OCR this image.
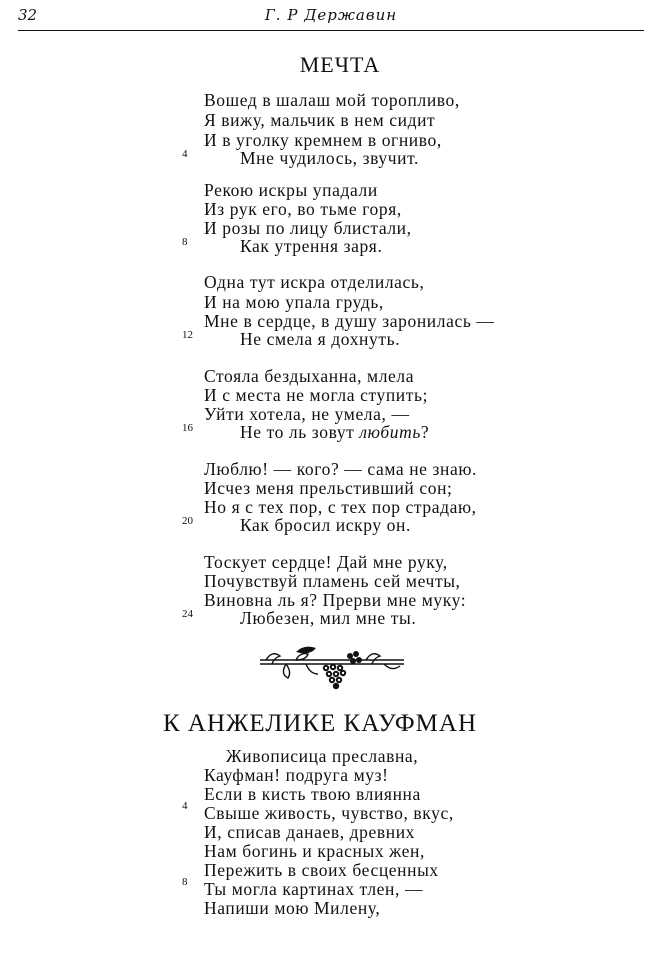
32	Г. Р Державин
МЕЧТА
Вошед в шалаш мой торопливо,
Я вижу, мальчик в нем сидит
И в уголку кремнем в огниво,
4	Мне чудилось, звучит.
Рекою искры упадали
Из рук его, во тьме горя,
И розы по лицу блистали,
8	Как утрення заря.
Одна тут искра отделилась,
И на мою упала грудь,
Мне в сердце, в душу заронилась —
12	Не смела я дохнуть.
Стояла бездыханна, млела
И с места не могла ступить;
Уйти хотела, не умела, —
16	Не то ль зовут любить?
Люблю! — кого? — сама не знаю.
Исчез меня прельстивший сон;
Но я с тех пор, с тех пор страдаю,
20	Как бросил искру он.
Тоскует сердце! Дай мне руку,
Почувствуй пламень сей мечты,
Виновна ль я? Прерви мне муку:
24	Любезен, мил мне ты.
К АНЖЕЛИКЕ КАУФМАН
Живописица преславна,
Кауфман! подруга муз!
Если в кисть твою влиянна
4 Свыше живость, чувство, вкус,
И, списав данаев, древних
Нам богинь и красных жен,
Пережить в своих бесценных
8 Ты могла картинах тлен, —
Напиши мою Милену,
